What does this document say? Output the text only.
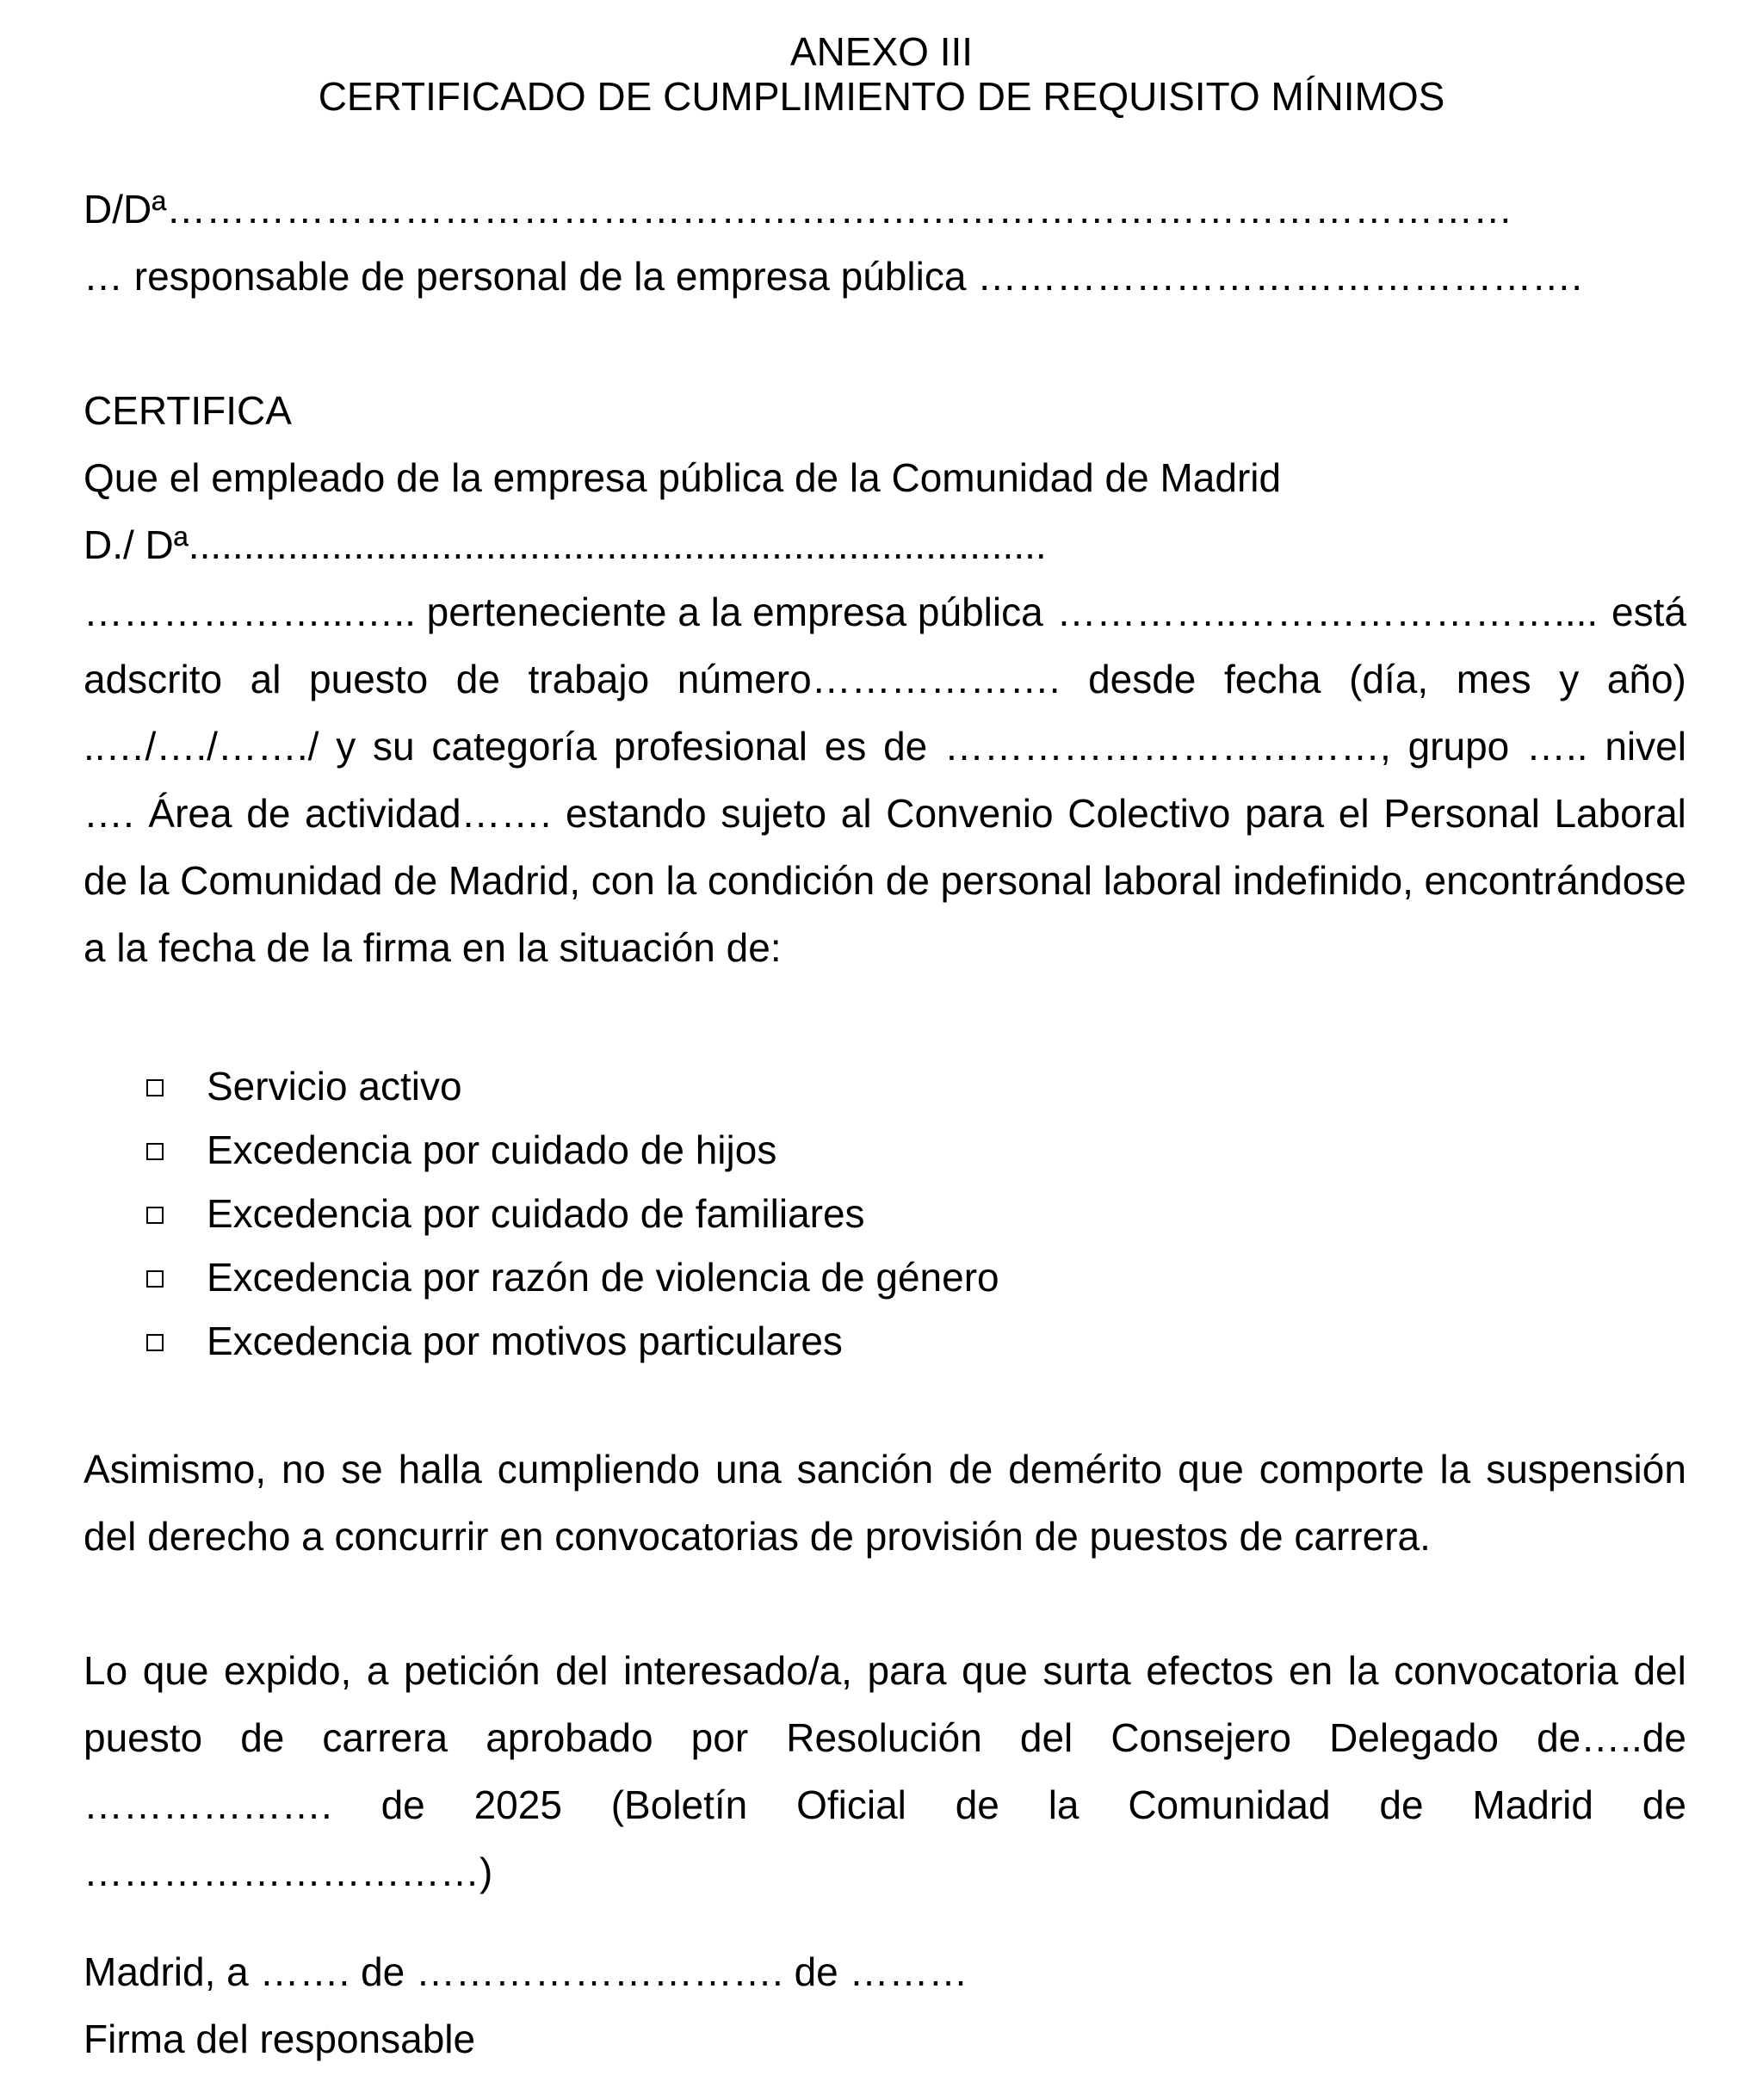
ANEXO III
CERTIFICADO DE CUMPLIMIENTO DE REQUISITO MÍNIMOS
D/Dª…………………………………………………………………………………………
… responsable de personal de la empresa pública ……………………………………….
CERTIFICA
Que el empleado de la empresa pública de la Comunidad de Madrid
D./ Dª..............................................................................
………………...….. perteneciente a la empresa pública …………..…………………….... está
adscrito al puesto de trabajo número………………. desde fecha (día, mes y año)
..…/…./……./ y su categoría profesional es de ……………………………, grupo ….. nivel
…. Área de actividad……. estando sujeto al Convenio Colectivo para el Personal Laboral
de la Comunidad de Madrid, con la condición de personal laboral indefinido, encontrándose
a la fecha de la firma en la situación de:
Servicio activo
Excedencia por cuidado de hijos
Excedencia por cuidado de familiares
Excedencia por razón de violencia de género
Excedencia por motivos particulares
Asimismo, no se halla cumpliendo una sanción de demérito que comporte la suspensión
del derecho a concurrir en convocatorias de provisión de puestos de carrera.
Lo que expido, a petición del interesado/a, para que surta efectos en la convocatoria del
puesto de carrera aprobado por Resolución del Consejero Delegado de…..de
………………. de 2025 (Boletín Oficial de la Comunidad de Madrid de
…………………………)
Madrid, a ……. de ………………………. de ………
Firma del responsable
